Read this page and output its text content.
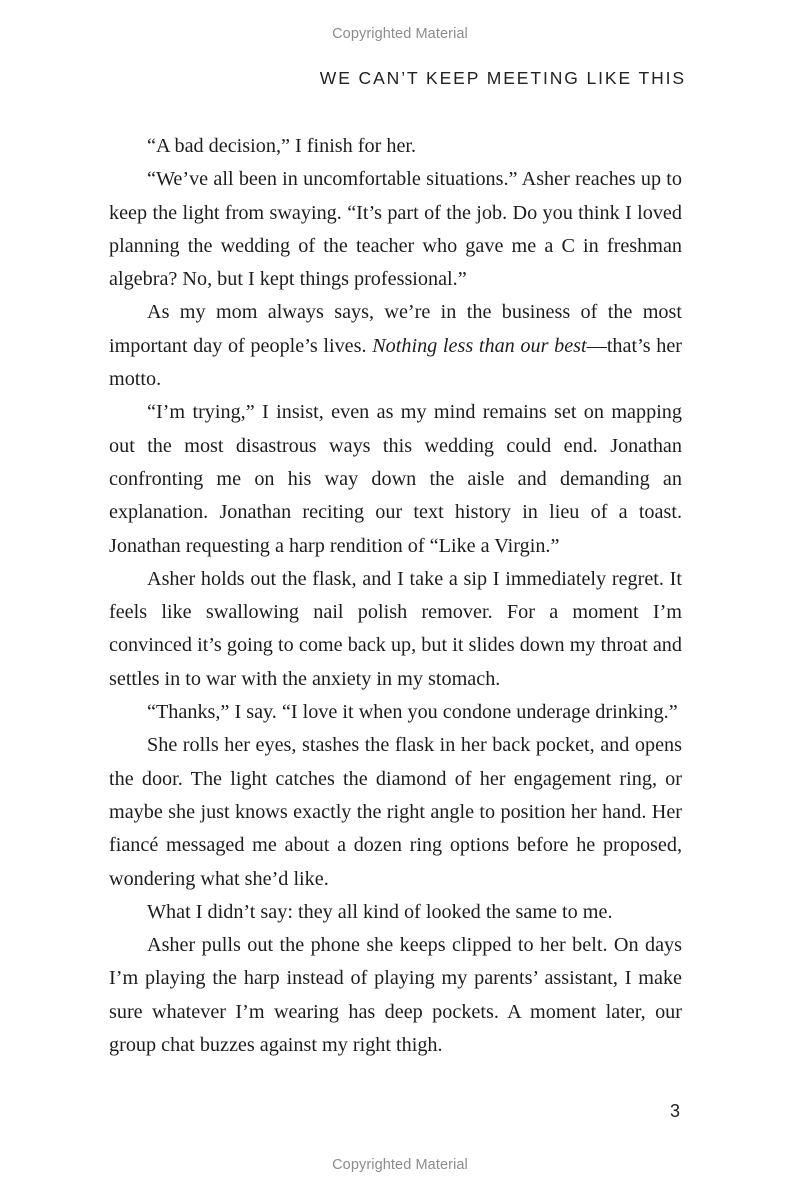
Copyrighted Material
WE CAN’T KEEP MEETING LIKE THIS

“A bad decision,” I finish for her.

“We’ve all been in uncomfortable situations.” Asher reaches up to keep the light from swaying. “It’s part of the job. Do you think I loved planning the wedding of the teacher who gave me a C in freshman algebra? No, but I kept things professional.”

As my mom always says, we’re in the business of the most important day of people’s lives. Nothing less than our best—that’s her motto.

“I’m trying,” I insist, even as my mind remains set on mapping out the most disastrous ways this wedding could end. Jonathan confronting me on his way down the aisle and demanding an explanation. Jonathan reciting our text history in lieu of a toast. Jonathan requesting a harp rendition of “Like a Virgin.”

Asher holds out the flask, and I take a sip I immediately regret. It feels like swallowing nail polish remover. For a moment I’m convinced it’s going to come back up, but it slides down my throat and settles in to war with the anxiety in my stomach.

“Thanks,” I say. “I love it when you condone underage drinking.”

She rolls her eyes, stashes the flask in her back pocket, and opens the door. The light catches the diamond of her engagement ring, or maybe she just knows exactly the right angle to position her hand. Her fiancé messaged me about a dozen ring options before he proposed, wondering what she’d like.

What I didn’t say: they all kind of looked the same to me.

Asher pulls out the phone she keeps clipped to her belt. On days I’m playing the harp instead of playing my parents’ assistant, I make sure whatever I’m wearing has deep pockets. A moment later, our group chat buzzes against my right thigh.

3
Copyrighted Material
